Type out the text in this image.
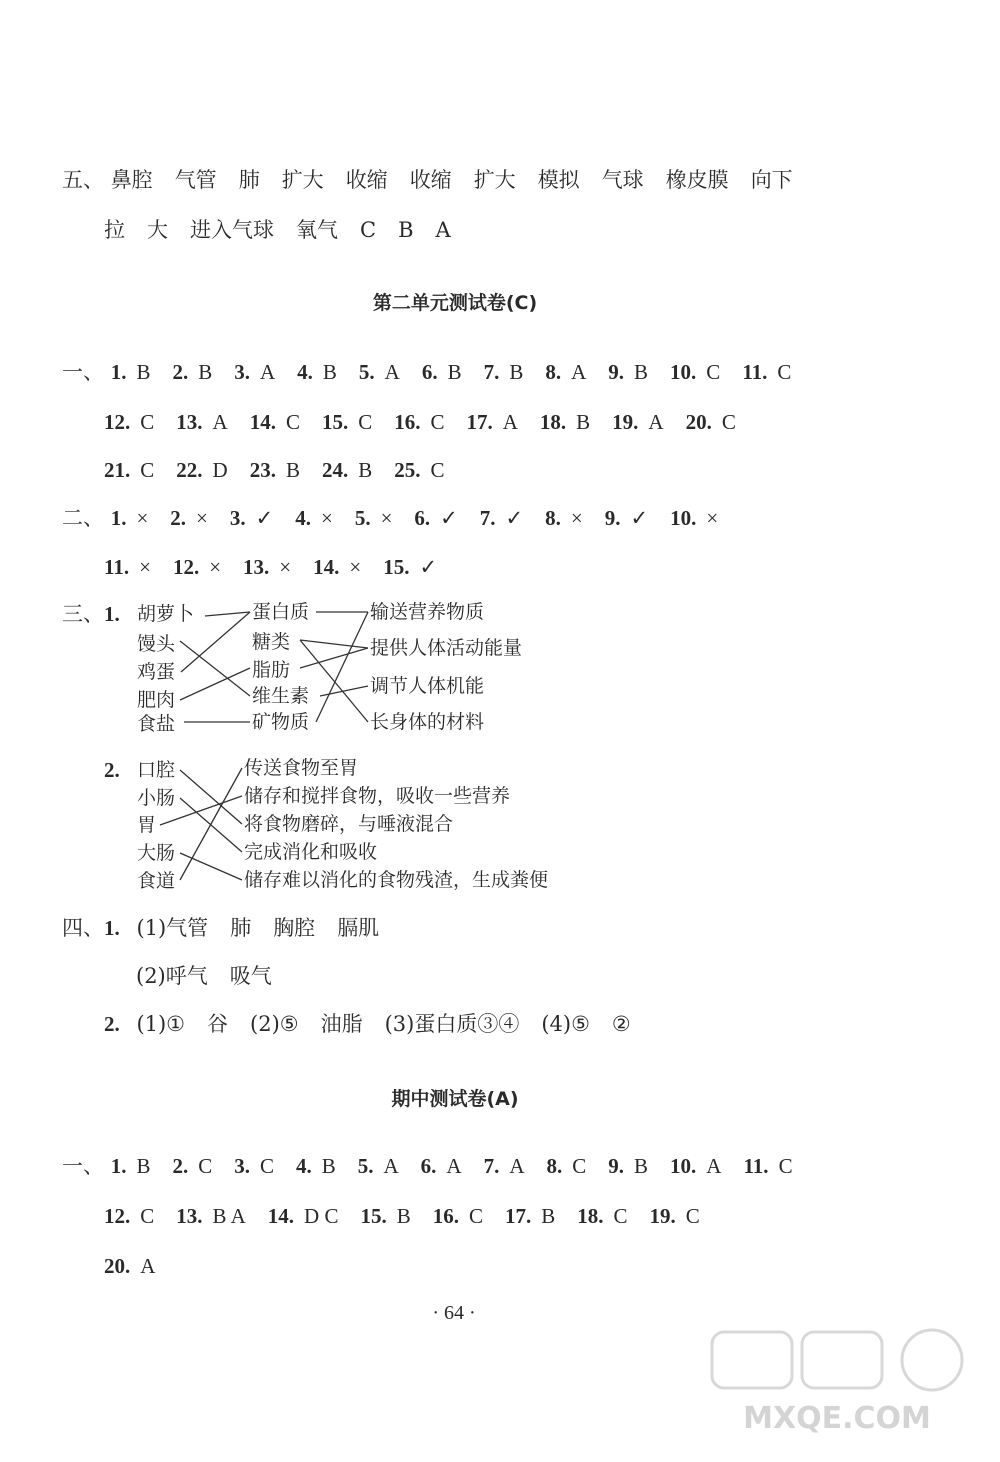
五、 鼻腔 气管 肺 扩大 收缩 收缩 扩大 模拟 气球 橡皮膜 向下
拉 大 进入气球 氧气 C B A
第二单元测试卷(C)
一、 1. B 2. B 3. A 4. B 5. A 6. B 7. B 8. A 9. B 10. C 11. C
12. C 13. A 14. C 15. C 16. C 17. A 18. B 19. A 20. C
21. C 22. D 23. B 24. B 25. C
二、 1. × 2. × 3. ✓ 4. × 5. × 6. ✓ 7. ✓ 8. × 9. ✓ 10. ×
11. × 12. × 13. × 14. × 15. ✓
三、1. 胡萝卜
馒头
鸡蛋
肥肉
食盐
蛋白质
糖类
脂肪
维生素
矿物质
输送营养物质
提供人体活动能量
调节人体机能
长身体的材料
2. 口腔
小肠
胃
大肠
食道
传送食物至胃
储存和搅拌食物，吸收一些营养
将食物磨碎，与唾液混合
完成消化和吸收
储存难以消化的食物残渣，生成粪便
四、1. (1)气管 肺 胸腔 膈肌
(2)呼气 吸气
2. (1)① 谷 (2)⑤ 油脂 (3)蛋白质③④ (4)⑤ ②
期中测试卷(A)
一、 1. B 2. C 3. C 4. B 5. A 6. A 7. A 8. C 9. B 10. A 11. C
12. C 13. B A 14. D C 15. B 16. C 17. B 18. C 19. C
20. A
· 64 ·
MXQE.COM
